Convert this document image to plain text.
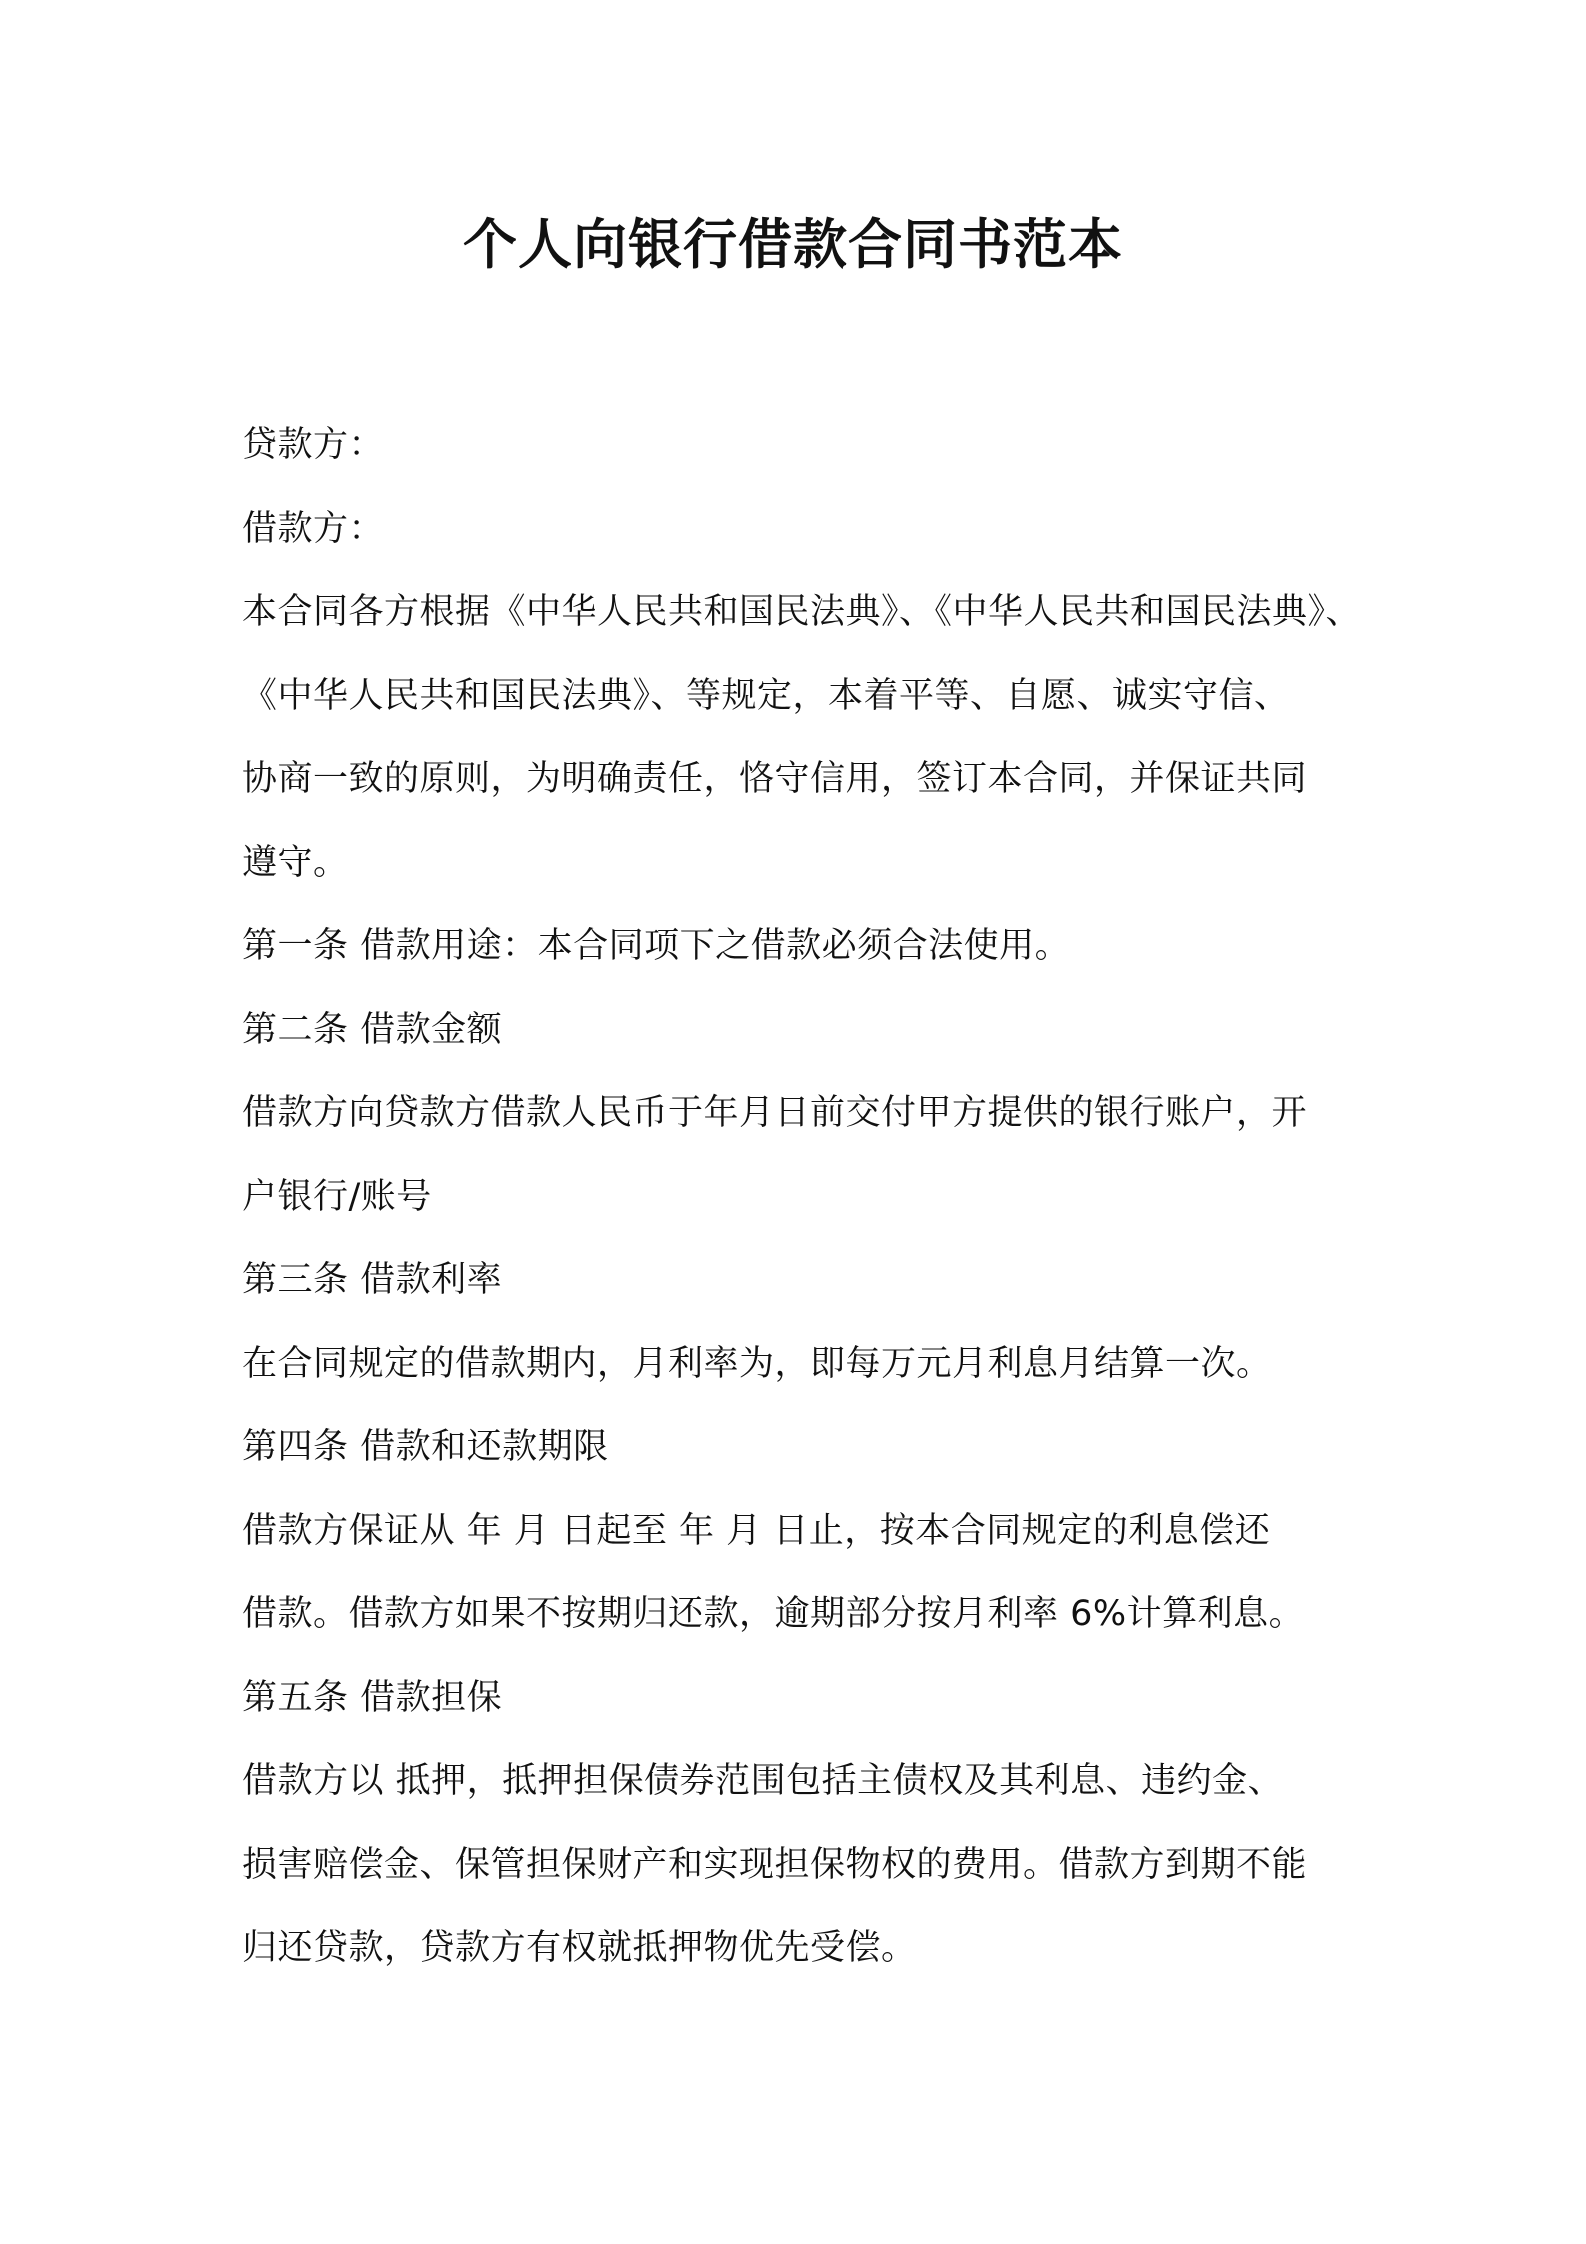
个人向银行借款合同书范本
贷款方：
借款方：
本合同各方根据《中华人民共和国民法典》、《中华人民共和国民法典》、
《中华人民共和国民法典》、等规定，本着平等、自愿、诚实守信、
协商一致的原则，为明确责任，恪守信用，签订本合同，并保证共同
遵守。
第一条 借款用途：本合同项下之借款必须合法使用。
第二条 借款金额
借款方向贷款方借款人民币于年月日前交付甲方提供的银行账户，开
户银行/账号
第三条 借款利率
在合同规定的借款期内，月利率为，即每万元月利息月结算一次。
第四条 借款和还款期限
借款方保证从 年 月 日起至 年 月 日止，按本合同规定的利息偿还
借款。借款方如果不按期归还款，逾期部分按月利率 6%计算利息。
第五条 借款担保
借款方以 抵押，抵押担保债券范围包括主债权及其利息、违约金、
损害赔偿金、保管担保财产和实现担保物权的费用。借款方到期不能
归还贷款，贷款方有权就抵押物优先受偿。
